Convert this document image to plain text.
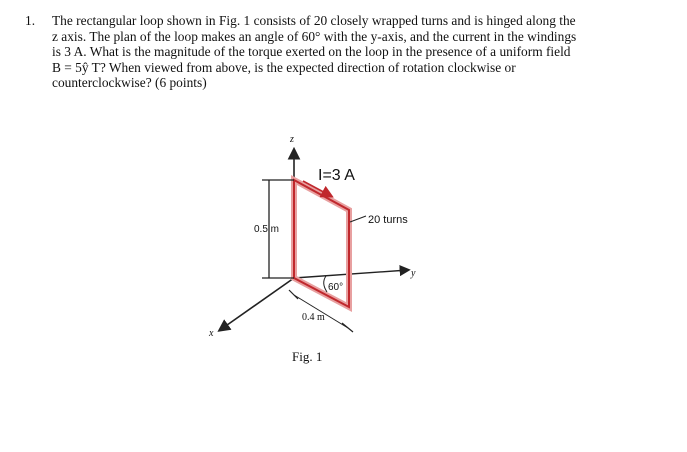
1. The rectangular loop shown in Fig. 1 consists of 20 closely wrapped turns and is hinged along the
z axis. The plan of the loop makes an angle of 60° with the y-axis, and the current in the windings
is 3 A. What is the magnitude of the torque exerted on the loop in the presence of a uniform field
B = 5ŷ T? When viewed from above, is the expected direction of rotation clockwise or
counterclockwise? (6 points)
I=3 A
20 turns
0.5 m
60°
0.4 m
z
y
x
Fig. 1
